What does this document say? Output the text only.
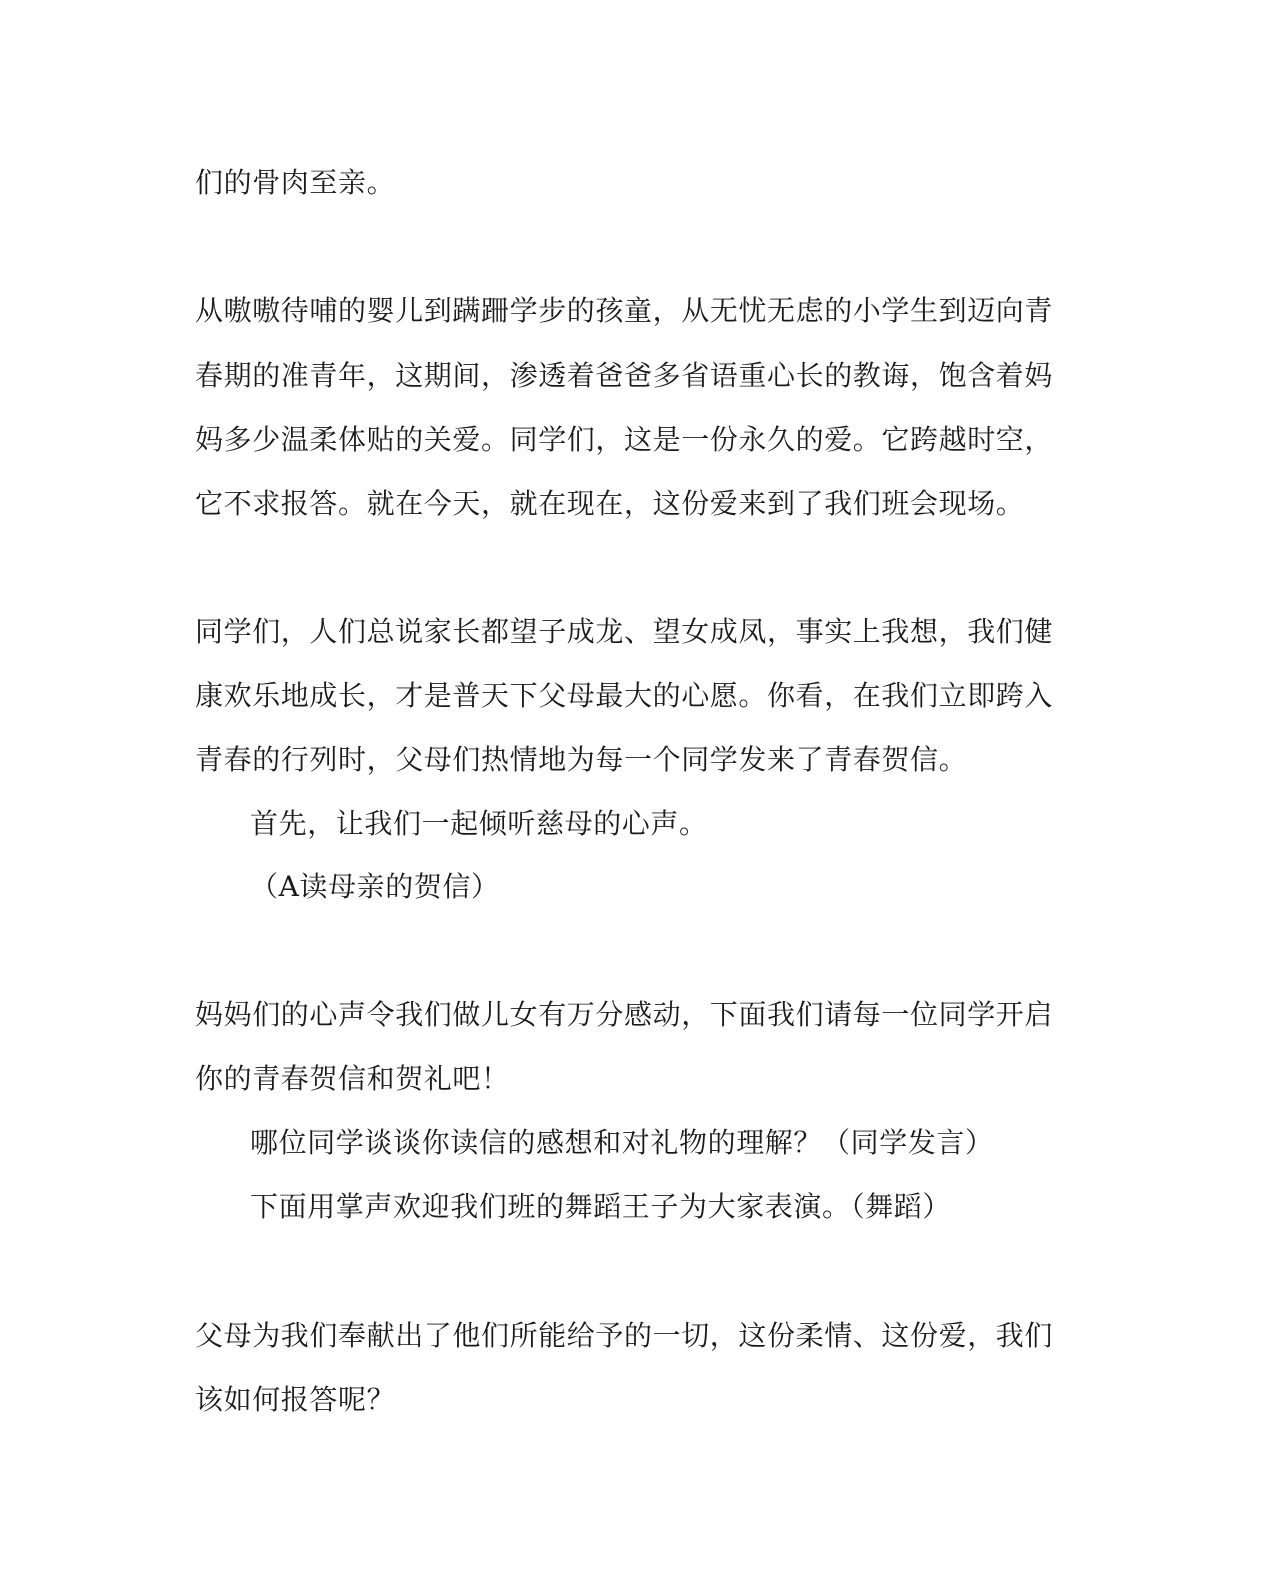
们的骨肉至亲。
从嗷嗷待哺的婴儿到蹒跚学步的孩童，从无忧无虑的小学生到迈向青
春期的准青年，这期间，渗透着爸爸多省语重心长的教诲，饱含着妈
妈多少温柔体贴的关爱。同学们，这是一份永久的爱。它跨越时空，
它不求报答。就在今天，就在现在，这份爱来到了我们班会现场。
同学们，人们总说家长都望子成龙、望女成凤，事实上我想，我们健
康欢乐地成长，才是普天下父母最大的心愿。你看，在我们立即跨入
青春的行列时，父母们热情地为每一个同学发来了青春贺信。
首先，让我们一起倾听慈母的心声。
（A读母亲的贺信）
妈妈们的心声令我们做儿女有万分感动，下面我们请每一位同学开启
你的青春贺信和贺礼吧！
哪位同学谈谈你读信的感想和对礼物的理解？（同学发言）
下面用掌声欢迎我们班的舞蹈王子为大家表演。（舞蹈）
父母为我们奉献出了他们所能给予的一切，这份柔情、这份爱，我们
该如何报答呢？
